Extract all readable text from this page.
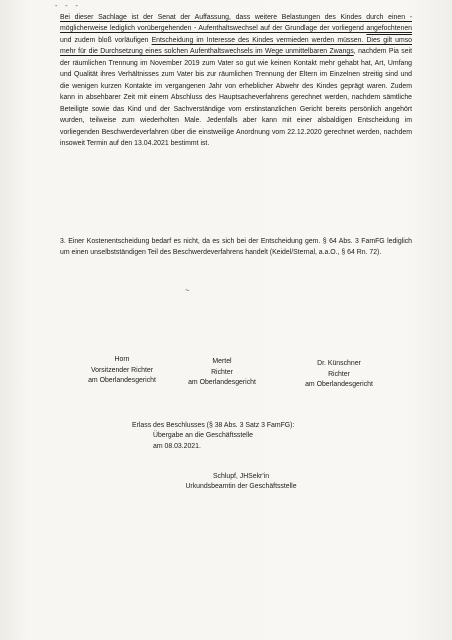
- - -

Bei dieser Sachlage ist der Senat der Auffassung, dass weitere Belastungen des Kindes durch einen - möglicherweise lediglich vorübergehenden - Aufenthaltswechsel auf der Grundlage der vorliegend angefochtenen und zudem bloß vorläufigen Entscheidung im Interesse des Kindes vermieden werden müssen. Dies gilt umso mehr für die Durchsetzung eines solchen Aufenthaltswechsels im Wege unmittelbaren Zwangs, nachdem Pia seit der räumlichen Trennung im November 2019 zum Vater so gut wie keinen Kontakt mehr gehabt hat, Art, Umfang und Qualität ihres Verhältnisses zum Vater bis zur räumlichen Trennung der Eltern im Einzelnen streitig sind und die wenigen kurzen Kontakte im vergangenen Jahr von erheblicher Abwehr des Kindes geprägt waren. Zudem kann in absehbarer Zeit mit einem Abschluss des Hauptsacheverfahrens gerechnet werden, nachdem sämtliche Beteiligte sowie das Kind und der Sachverständige vom erstinstanzlichen Gericht bereits persönlich angehört wurden, teilweise zum wiederholten Male. Jedenfalls aber kann mit einer alsbaldigen Entscheidung im vorliegenden Beschwerdeverfahren über die einstweilige Anordnung vom 22.12.2020 gerechnet werden, nachdem insoweit Termin auf den 13.04.2021 bestimmt ist.

3. Einer Kostenentscheidung bedarf es nicht, da es sich bei der Entscheidung gem. § 64 Abs. 3 FamFG lediglich um einen unselbstständigen Teil des Beschwerdeverfahrens handelt (Keidel/Sternal, a.a.O., § 64 Rn. 72).

~
Horn
Vorsitzender Richter
am Oberlandesgericht
Mertel
Richter
am Oberlandesgericht
Dr. Künschner
Richter
am Oberlandesgericht
Erlass des Beschlusses (§ 38 Abs. 3 Satz 3 FamFG):
Übergabe an die Geschäftsstelle
am 08.03.2021.
Schlupf, JHSekr'in
Urkundsbeamtin der Geschäftsstelle
